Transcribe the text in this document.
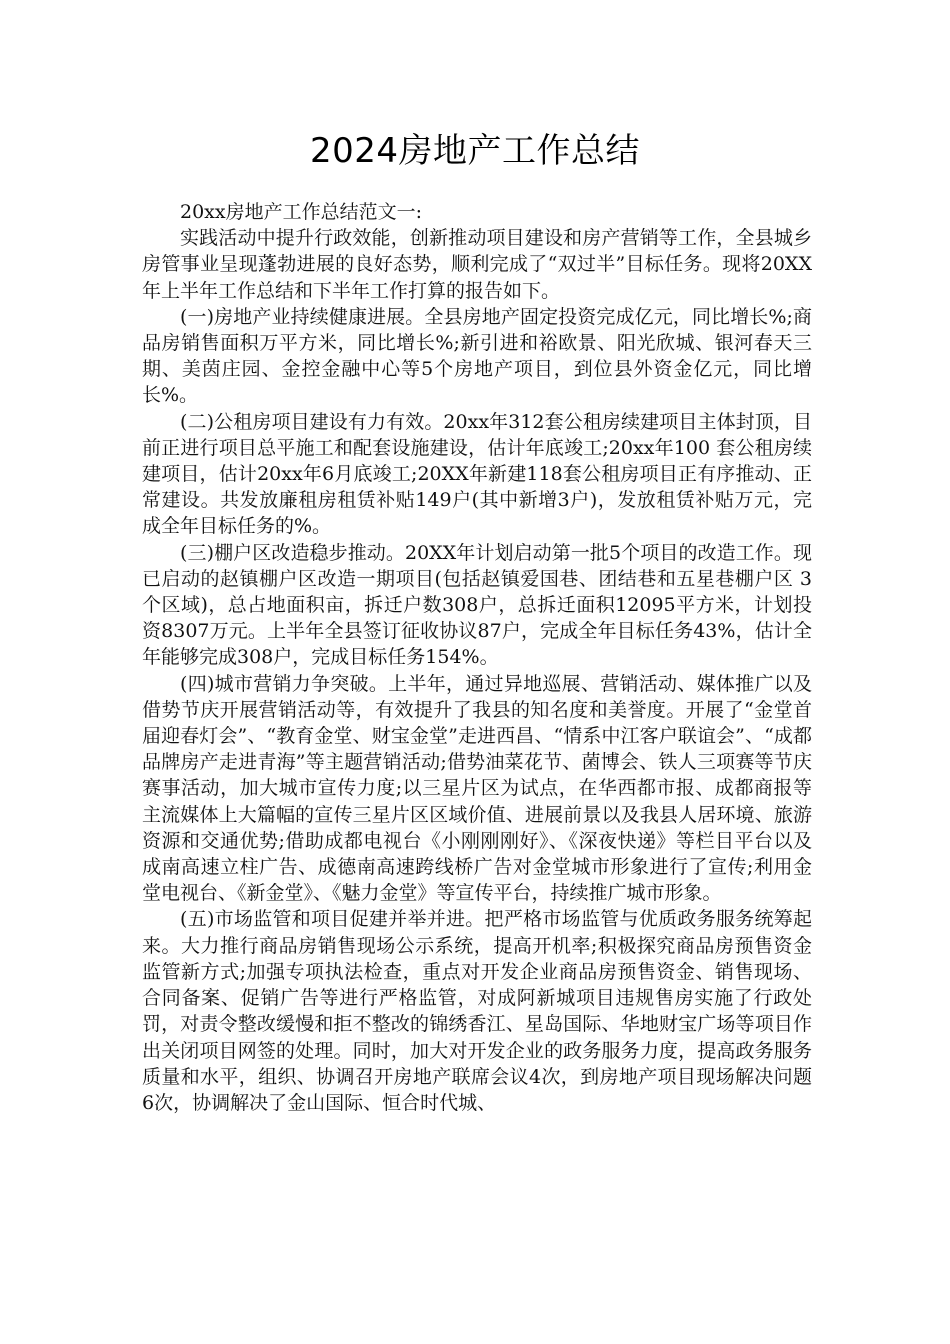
2024房地产工作总结

20xx房地产工作总结范文一:

实践活动中提升行政效能，创新推动项目建设和房产营销等工作，全县城乡房管事业呈现蓬勃进展的良好态势，顺利完成了“双过半”目标任务。现将20XX年上半年工作总结和下半年工作打算的报告如下。

(一)房地产业持续健康进展。全县房地产固定投资完成亿元，同比增长%;商品房销售面积万平方米，同比增长%;新引进和裕欧景、阳光欣城、银河春天三期、美茵庄园、金控金融中心等5个房地产项目，到位县外资金亿元，同比增长%。

(二)公租房项目建设有力有效。20xx年312套公租房续建项目主体封顶，目前正进行项目总平施工和配套设施建设，估计年底竣工;20xx年100 套公租房续建项目，估计20xx年6月底竣工;20XX年新建118套公租房项目正有序推动、正常建设。共发放廉租房租赁补贴149户(其中新增3户)，发放租赁补贴万元，完成全年目标任务的%。

(三)棚户区改造稳步推动。20XX年计划启动第一批5个项目的改造工作。现已启动的赵镇棚户区改造一期项目(包括赵镇爱国巷、团结巷和五星巷棚户区 3个区域)，总占地面积亩，拆迁户数308户，总拆迁面积12095平方米，计划投资8307万元。上半年全县签订征收协议87户，完成全年目标任务43%，估计全年能够完成308户，完成目标任务154%。

(四)城市营销力争突破。上半年，通过异地巡展、营销活动、媒体推广以及借势节庆开展营销活动等，有效提升了我县的知名度和美誉度。开展了“金堂首届迎春灯会”、“教育金堂、财宝金堂”走进西昌、“情系中江客户联谊会”、“成都品牌房产走进青海”等主题营销活动;借势油菜花节、菌博会、铁人三项赛等节庆赛事活动，加大城市宣传力度;以三星片区为试点，在华西都市报、成都商报等主流媒体上大篇幅的宣传三星片区区域价值、进展前景以及我县人居环境、旅游资源和交通优势;借助成都电视台《小刚刚刚好》、《深夜快递》等栏目平台以及成南高速立柱广告、成德南高速跨线桥广告对金堂城市形象进行了宣传;利用金堂电视台、《新金堂》、《魅力金堂》等宣传平台，持续推广城市形象。

(五)市场监管和项目促建并举并进。把严格市场监管与优质政务服务统筹起来。大力推行商品房销售现场公示系统，提高开机率;积极探究商品房预售资金监管新方式;加强专项执法检查，重点对开发企业商品房预售资金、销售现场、合同备案、促销广告等进行严格监管，对成阿新城项目违规售房实施了行政处罚，对责令整改缓慢和拒不整改的锦绣香江、星岛国际、华地财宝广场等项目作出关闭项目网签的处理。同时，加大对开发企业的政务服务力度，提高政务服务质量和水平，组织、协调召开房地产联席会议4次，到房地产项目现场解决问题6次，协调解决了金山国际、恒合时代城、
